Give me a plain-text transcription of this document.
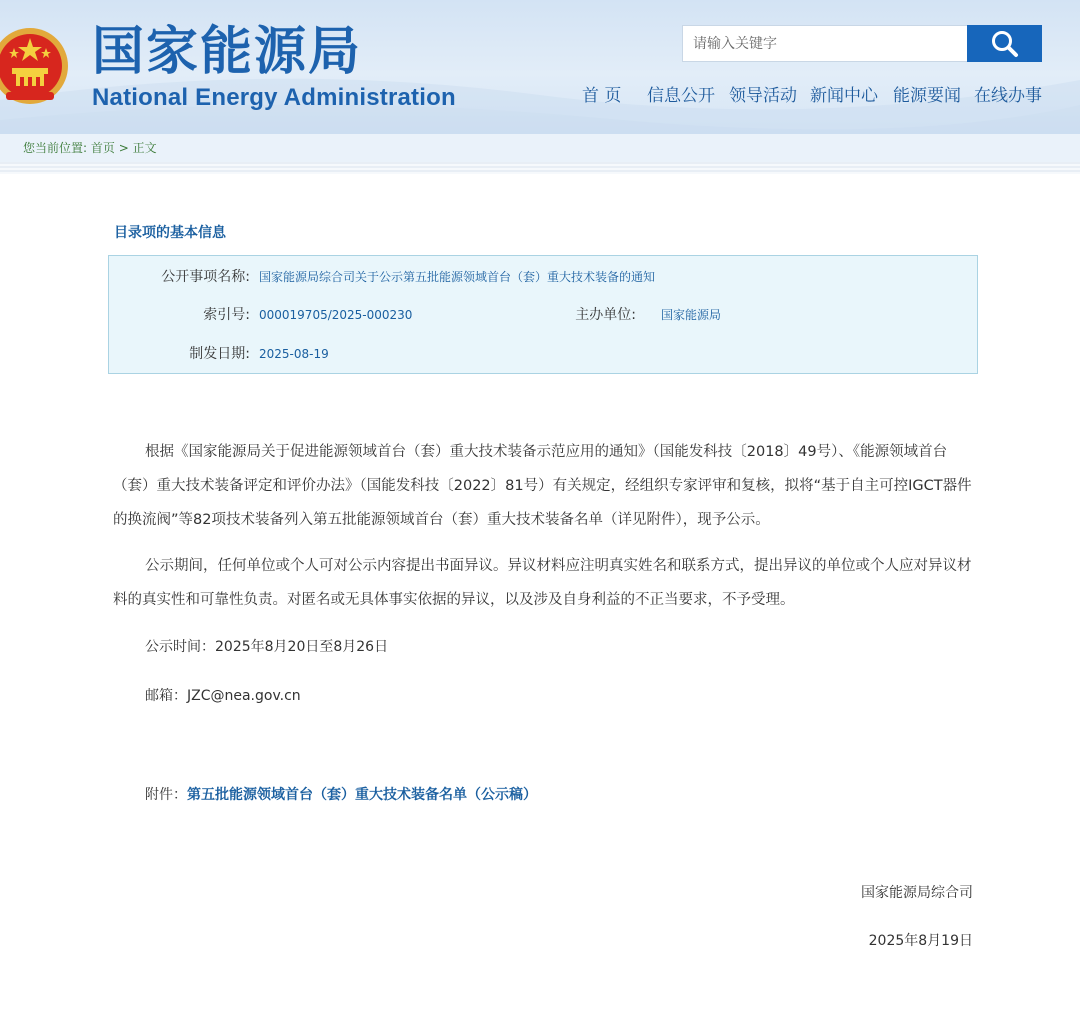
国家能源局
National Energy Administration
请输入关键字	首 页 信息公开 领导活动 新闻中心 能源要闻 在线办事
您当前位置: 首页 > 正文
目录项的基本信息
公开事项名称: 国家能源局综合司关于公示第五批能源领域首台（套）重大技术装备的通知
索引号: 000019705/2025-000230	主办单位: 国家能源局
制发日期: 2025-08-19

根据《国家能源局关于促进能源领域首台（套）重大技术装备示范应用的通知》（国能发科技〔2018〕49号）、《能源领域首台（套）重大技术装备评定和评价办法》（国能发科技〔2022〕81号）有关规定，经组织专家评审和复核，拟将“基于自主可控IGCT器件的换流阀”等82项技术装备列入第五批能源领域首台（套）重大技术装备名单（详见附件），现予公示。

公示期间，任何单位或个人可对公示内容提出书面异议。异议材料应注明真实姓名和联系方式，提出异议的单位或个人应对异议材料的真实性和可靠性负责。对匿名或无具体事实依据的异议，以及涉及自身利益的不正当要求，不予受理。

公示时间：2025年8月20日至8月26日
邮箱：JZC@nea.gov.cn
附件：第五批能源领域首台（套）重大技术装备名单（公示稿）
国家能源局综合司
2025年8月19日
